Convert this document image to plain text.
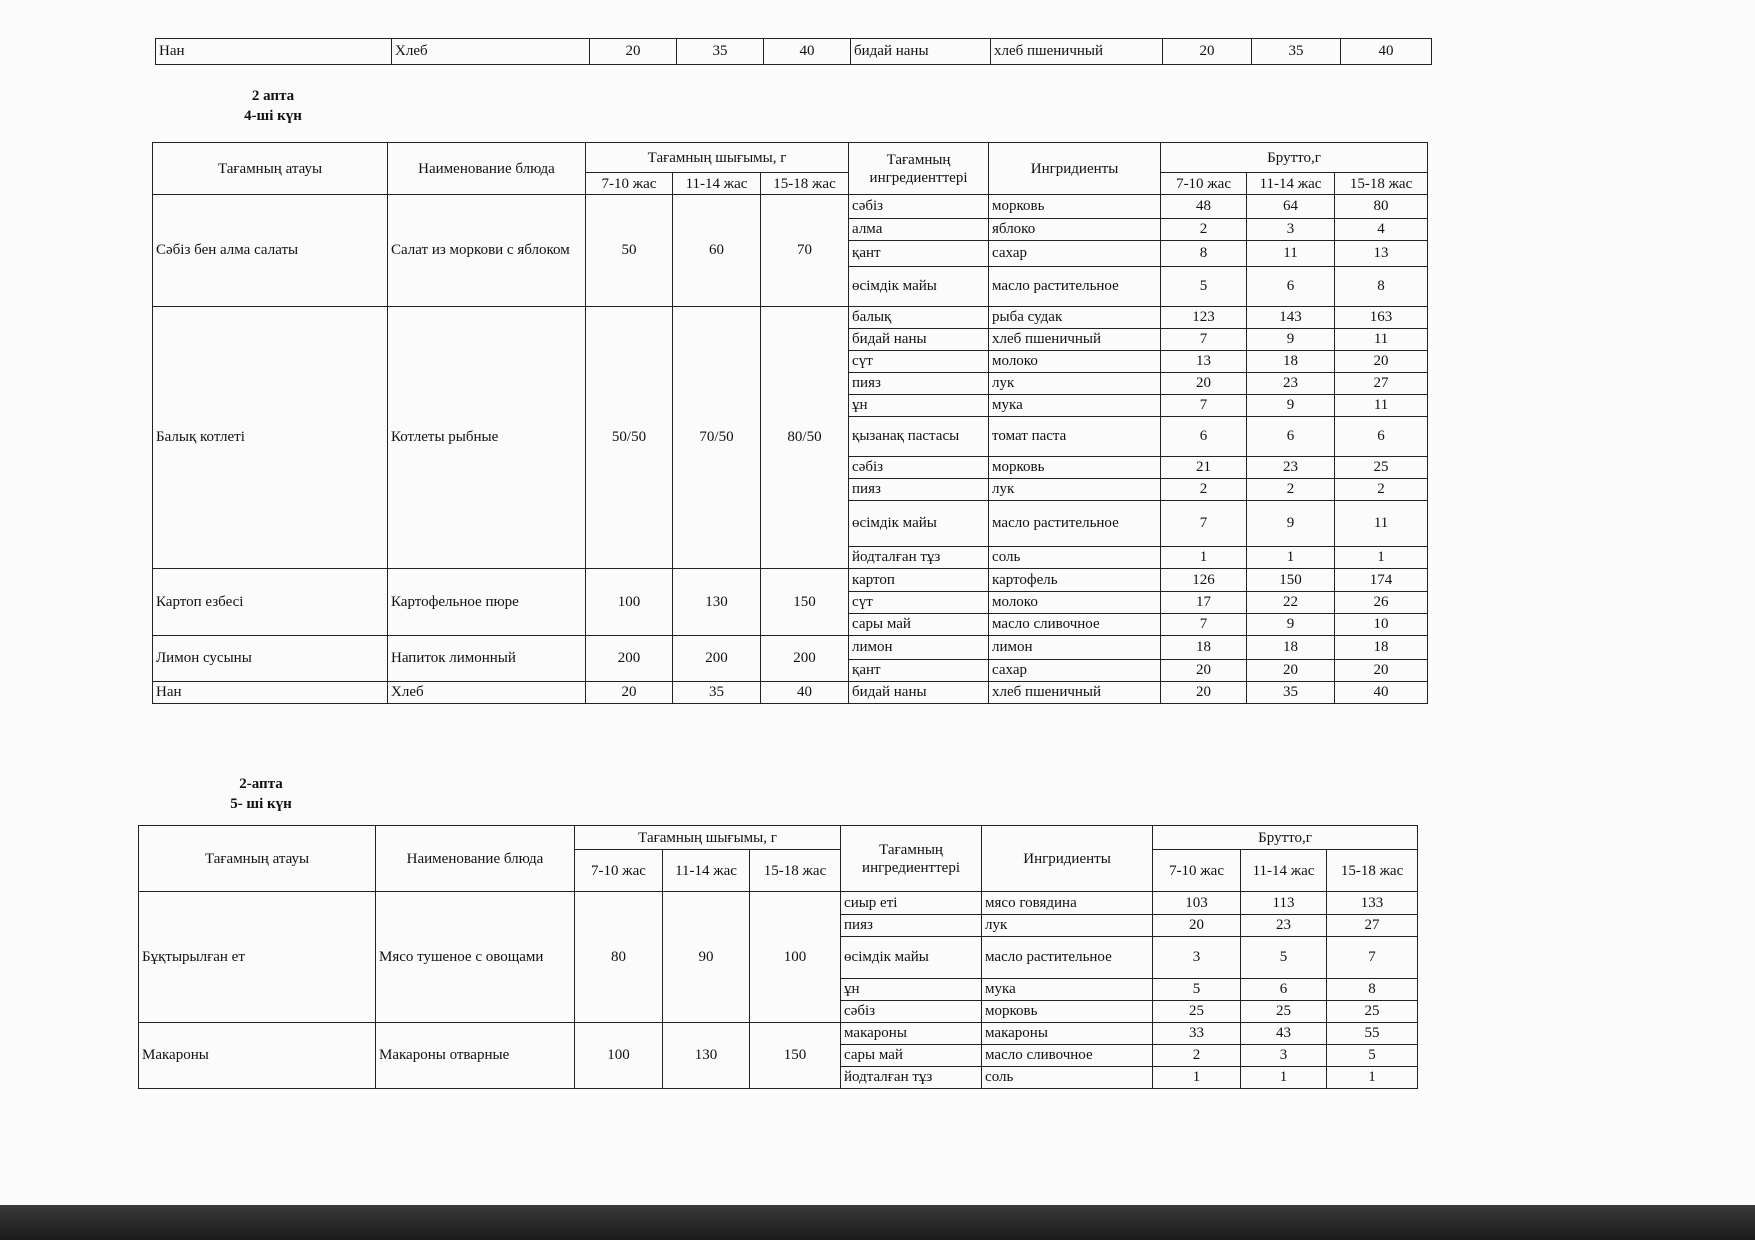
Нан	Хлеб	20	35	40	бидай наны	хлеб пшеничный	20	35	40
2 апта
4-ші күн
Тағамның атауы	Наименование блюда	Тағамның шығымы, г			Тағамның ингредиенттері	Ингридиенты	Брутто,г		
		7-10 жас	11-14 жас	15-18 жас			7-10 жас	11-14 жас	15-18 жас
Сәбіз бен алма салаты	Салат из моркови с яблоком	50	60	70	сәбіз	морковь	48	64	80
					алма	яблоко	2	3	4
					қант	сахар	8	11	13
					өсімдік майы	масло растительное	5	6	8
Балық котлеті	Котлеты рыбные	50/50	70/50	80/50	балық	рыба судак	123	143	163
					бидай наны	хлеб пшеничный	7	9	11
					сүт	молоко	13	18	20
					пияз	лук	20	23	27
					ұн	мука	7	9	11
					қызанақ пастасы	томат паста	6	6	6
					сәбіз	морковь	21	23	25
					пияз	лук	2	2	2
					өсімдік майы	масло растительное	7	9	11
					йодталған тұз	соль	1	1	1
Картоп езбесі	Картофельное пюре	100	130	150	картоп	картофель	126	150	174
					сүт	молоко	17	22	26
					сары май	масло сливочное	7	9	10
Лимон сусыны	Напиток лимонный	200	200	200	лимон	лимон	18	18	18
					қант	сахар	20	20	20
Нан	Хлеб	20	35	40	бидай наны	хлеб пшеничный	20	35	40
2-апта
5- ші күн
Тағамның атауы	Наименование блюда	Тағамның шығымы, г			Тағамның ингредиенттері	Ингридиенты	Брутто,г		
		7-10 жас	11-14 жас	15-18 жас			7-10 жас	11-14 жас	15-18 жас
Бұқтырылған ет	Мясо тушеное с овощами	80	90	100	сиыр еті	мясо говядина	103	113	133
					пияз	лук	20	23	27
					өсімдік майы	масло растительное	3	5	7
					ұн	мука	5	6	8
					сәбіз	морковь	25	25	25
Макароны	Макароны отварные	100	130	150	макароны	макароны	33	43	55
					сары май	масло сливочное	2	3	5
					йодталған тұз	соль	1	1	1
